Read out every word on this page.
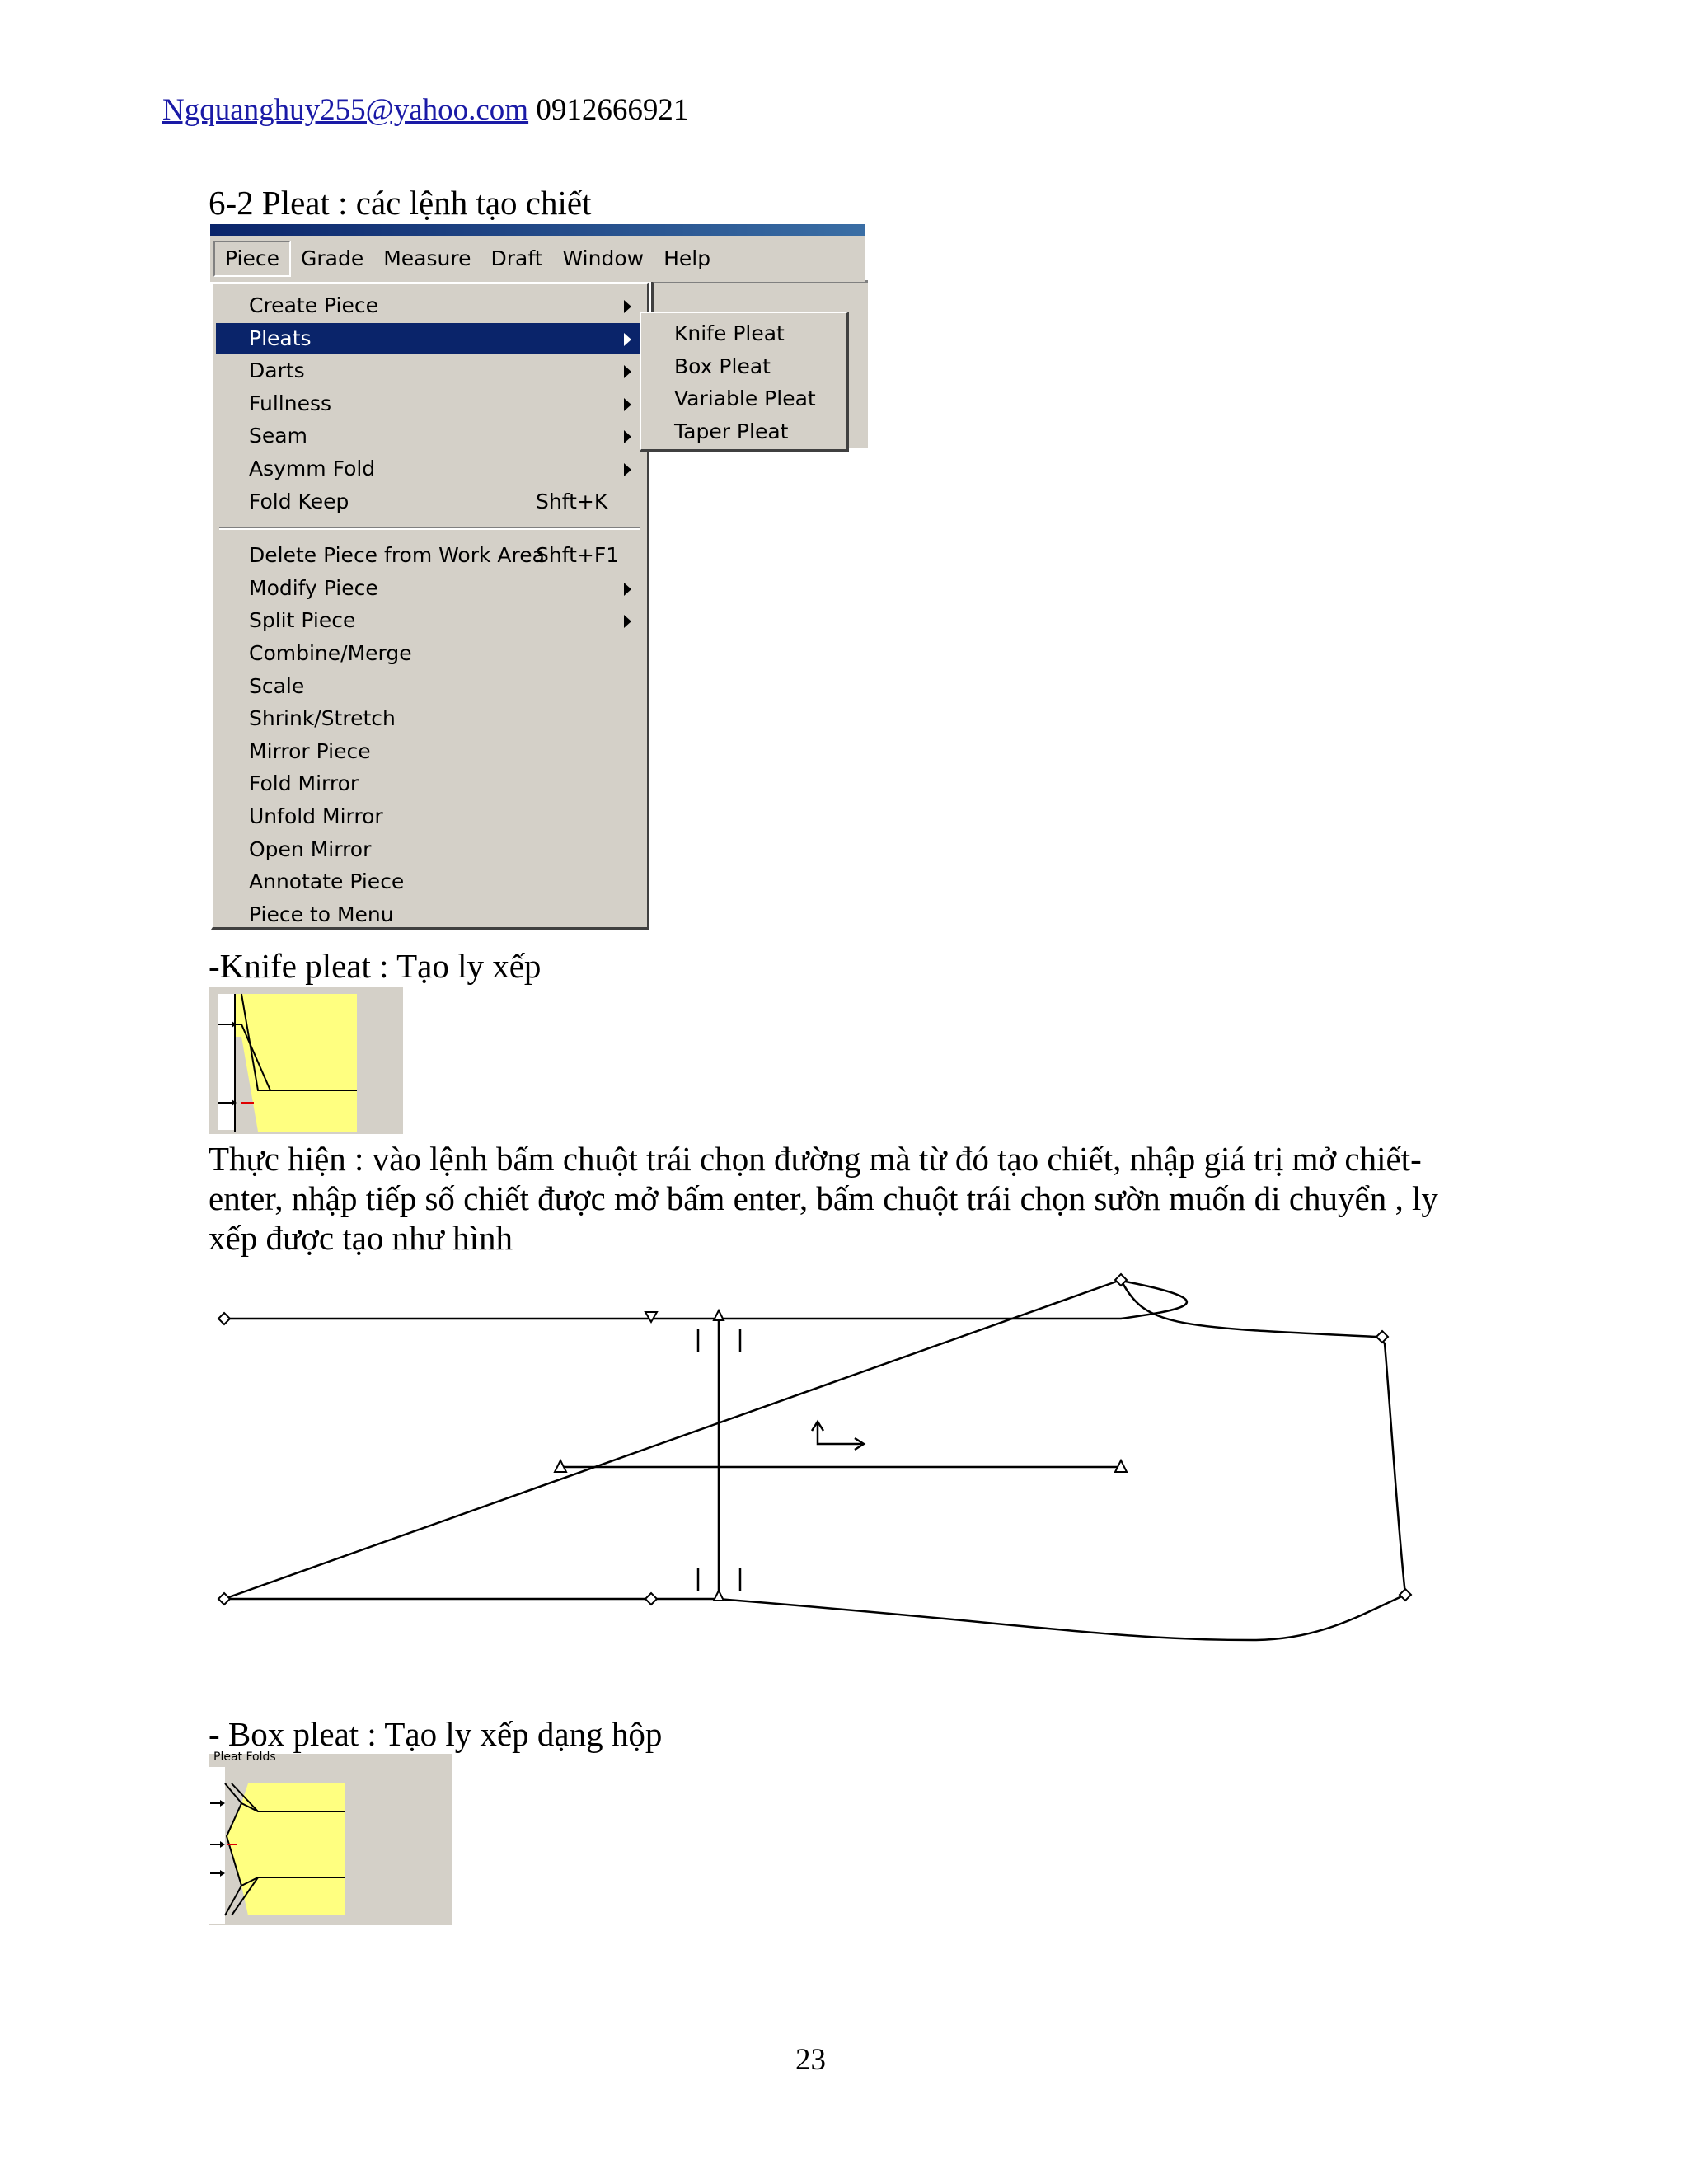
Ngquanghuy255@yahoo.com 0912666921
6-2 Pleat : các lệnh tạo chiết
Piece	Grade Measure Draft Window Help
Create Piece
Pleats
Darts
Fullness
Seam
Asymm Fold
Fold Keep	Shft+K
Delete Piece from Work Area
Shft+F1
Modify Piece
Split Piece
Combine/Merge
Scale
Shrink/Stretch
Mirror Piece
Fold Mirror
Unfold Mirror
Open Mirror
Annotate Piece
Piece to Menu
Knife Pleat
Box Pleat
Variable Pleat
Taper Pleat
-Knife pleat : Tạo ly xếp
Thực hiện : vào lệnh bấm chuột trái chọn đường mà từ đó tạo chiết, nhập giá trị mở chiết-enter, nhập tiếp số chiết được mở bấm enter, bấm chuột trái chọn sườn muốn di chuyển , ly xếp được tạo như hình
- Box pleat : Tạo ly xếp dạng hộp
Pleat Folds
23
